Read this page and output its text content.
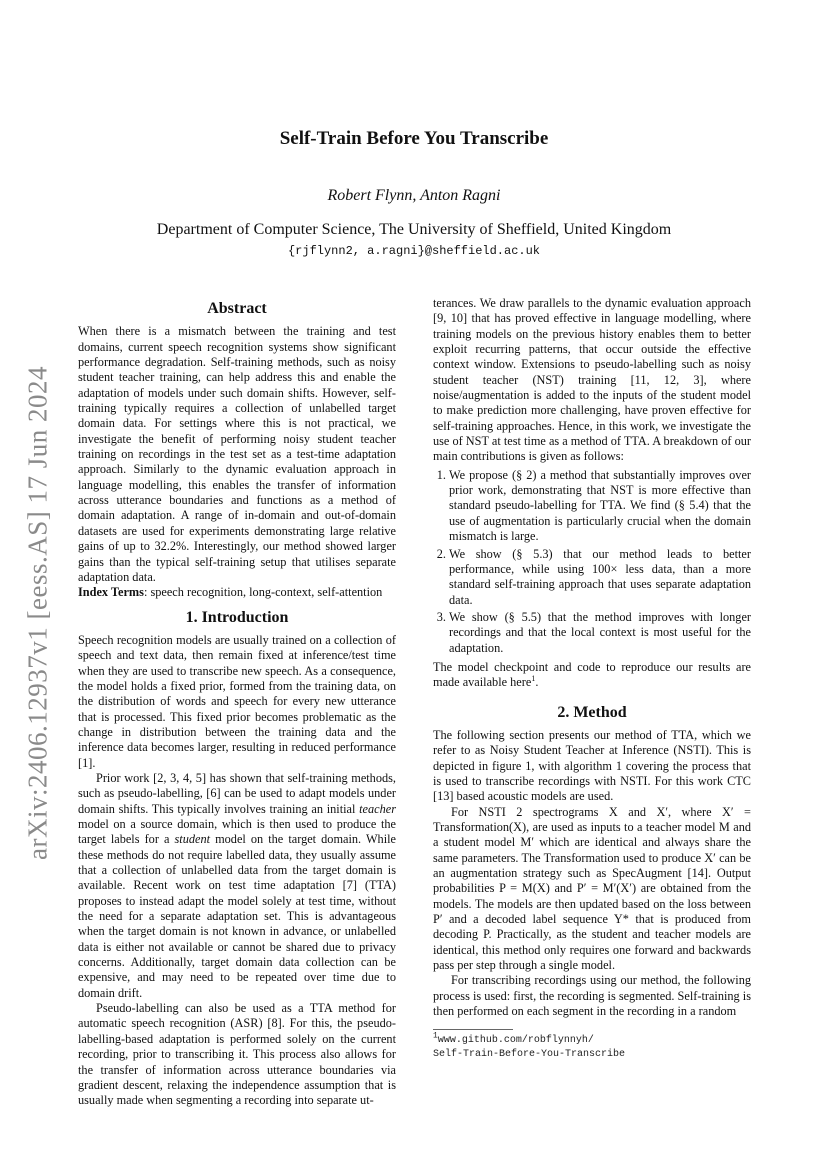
arXiv:2406.12937v1 [eess.AS] 17 Jun 2024
Self-Train Before You Transcribe
Robert Flynn, Anton Ragni
Department of Computer Science, The University of Sheffield, United Kingdom
{rjflynn2, a.ragni}@sheffield.ac.uk
Abstract

When there is a mismatch between the training and test domains, current speech recognition systems show significant performance degradation. Self-training methods, such as noisy student teacher training, can help address this and enable the adaptation of models under such domain shifts. However, self-training typically requires a collection of unlabelled target domain data. For settings where this is not practical, we investigate the benefit of performing noisy student teacher training on recordings in the test set as a test-time adaptation approach. Similarly to the dynamic evaluation approach in language modelling, this enables the transfer of information across utterance boundaries and functions as a method of domain adaptation. A range of in-domain and out-of-domain datasets are used for experiments demonstrating large relative gains of up to 32.2%. Interestingly, our method showed larger gains than the typical self-training setup that utilises separate adaptation data.

Index Terms: speech recognition, long-context, self-attention

1. Introduction

Speech recognition models are usually trained on a collection of speech and text data, then remain fixed at inference/test time when they are used to transcribe new speech. As a consequence, the model holds a fixed prior, formed from the training data, on the distribution of words and speech for every new utterance that is processed. This fixed prior becomes problematic as the change in distribution between the training data and the inference data becomes larger, resulting in reduced performance [1].

Prior work [2, 3, 4, 5] has shown that self-training methods, such as pseudo-labelling, [6] can be used to adapt models under domain shifts. This typically involves training an initial teacher model on a source domain, which is then used to produce the target labels for a student model on the target domain. While these methods do not require labelled data, they usually assume that a collection of unlabelled data from the target domain is available. Recent work on test time adaptation [7] (TTA) proposes to instead adapt the model solely at test time, without the need for a separate adaptation set. This is advantageous when the target domain is not known in advance, or unlabelled data is either not available or cannot be shared due to privacy concerns. Additionally, target domain data collection can be expensive, and may need to be repeated over time due to domain drift.

Pseudo-labelling can also be used as a TTA method for automatic speech recognition (ASR) [8]. For this, the pseudo-labelling-based adaptation is performed solely on the current recording, prior to transcribing it. This process also allows for the transfer of information across utterance boundaries via gradient descent, relaxing the independence assumption that is usually made when segmenting a recording into separate ut-

terances. We draw parallels to the dynamic evaluation approach [9, 10] that has proved effective in language modelling, where training models on the previous history enables them to better exploit recurring patterns, that occur outside the effective context window. Extensions to pseudo-labelling such as noisy student teacher (NST) training [11, 12, 3], where noise/augmentation is added to the inputs of the student model to make prediction more challenging, have proven effective for self-training approaches. Hence, in this work, we investigate the use of NST at test time as a method of TTA. A breakdown of our main contributions is given as follows:

1. We propose (§ 2) a method that substantially improves over prior work, demonstrating that NST is more effective than standard pseudo-labelling for TTA. We find (§ 5.4) that the use of augmentation is particularly crucial when the domain mismatch is large.
2. We show (§ 5.3) that our method leads to better performance, while using 100× less data, than a more standard self-training approach that uses separate adaptation data.
3. We show (§ 5.5) that the method improves with longer recordings and that the local context is most useful for the adaptation.

The model checkpoint and code to reproduce our results are made available here$^1$.

2. Method

The following section presents our method of TTA, which we refer to as Noisy Student Teacher at Inference (NSTI). This is depicted in figure 1, with algorithm 1 covering the process that is used to transcribe recordings with NSTI. For this work CTC [13] based acoustic models are used.

For NSTI 2 spectrograms X and X′, where X′ = Transformation(X), are used as inputs to a teacher model M and a student model M′ which are identical and always share the same parameters. The Transformation used to produce X′ can be an augmentation strategy such as SpecAugment [14]. Output probabilities P = M(X) and P′ = M′(X′) are obtained from the models. The models are then updated based on the loss between P′ and a decoded label sequence Y* that is produced from decoding P. Practically, as the student and teacher models are identical, this method only requires one forward and backwards pass per step through a single model.

For transcribing recordings using our method, the following process is used: first, the recording is segmented. Self-training is then performed on each segment in the recording in a random

$^1$www.github.com/robflynnyh/
Self-Train-Before-You-Transcribe
